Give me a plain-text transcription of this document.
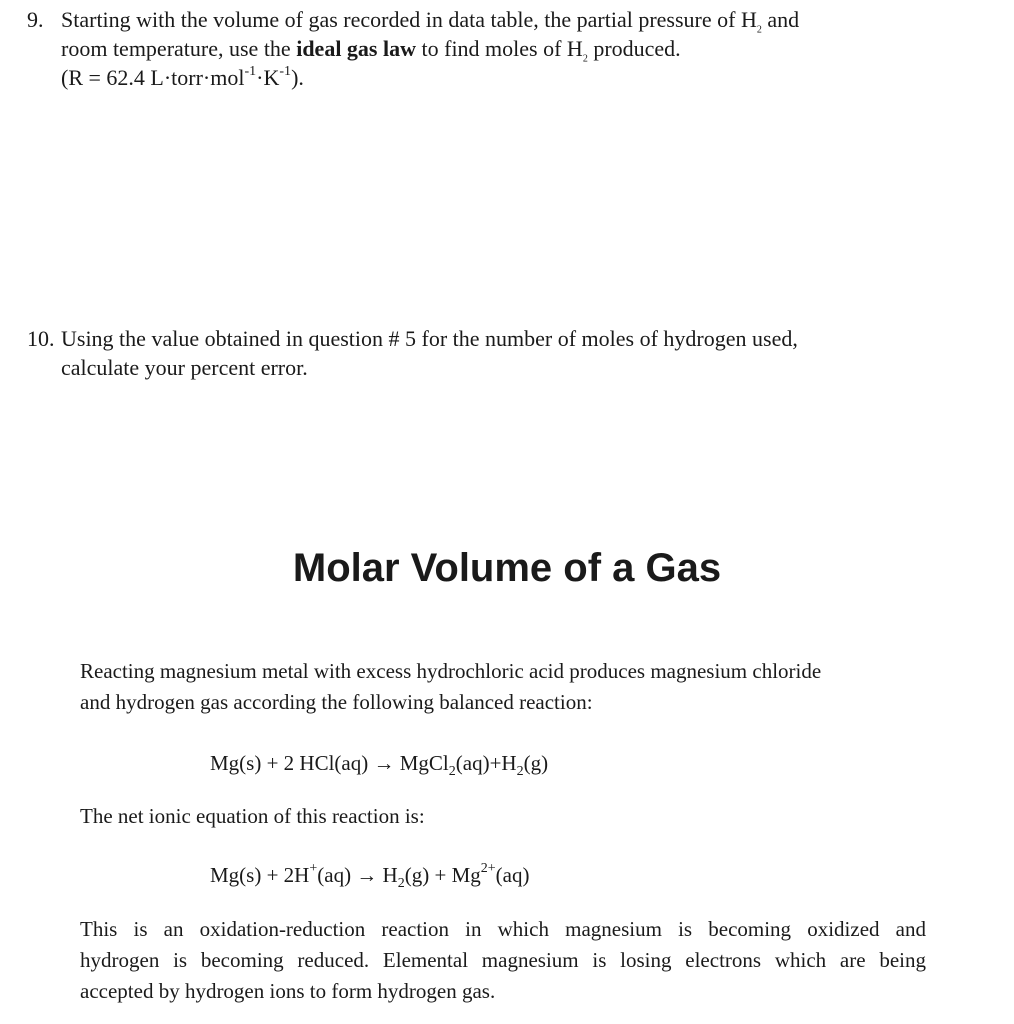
9. Starting with the volume of gas recorded in data table, the partial pressure of $H_2$ and
room temperature, use the ideal gas law to find moles of $H_2$ produced.
(R = 62.4 $L\cdot torr\cdot mol^{-1}\cdot K^{-1}$).
10. Using the value obtained in question # 5 for the number of moles of hydrogen used,
calculate your percent error.
Molar Volume of a Gas
Reacting magnesium metal with excess hydrochloric acid produces magnesium chloride
and hydrogen gas according the following balanced reaction:
Mg(s) + 2 $HCl(aq) \to MgCl_2(aq)+H_2(g)$
The net ionic equation of this reaction is:
$Mg(s) + 2H^+(aq) \to H_2(g) + Mg^{2+}(aq)$
This is an oxidation-reduction reaction in which magnesium is becoming oxidized and
hydrogen is becoming reduced. Elemental magnesium is losing electrons which are being
accepted by hydrogen ions to form hydrogen gas.
